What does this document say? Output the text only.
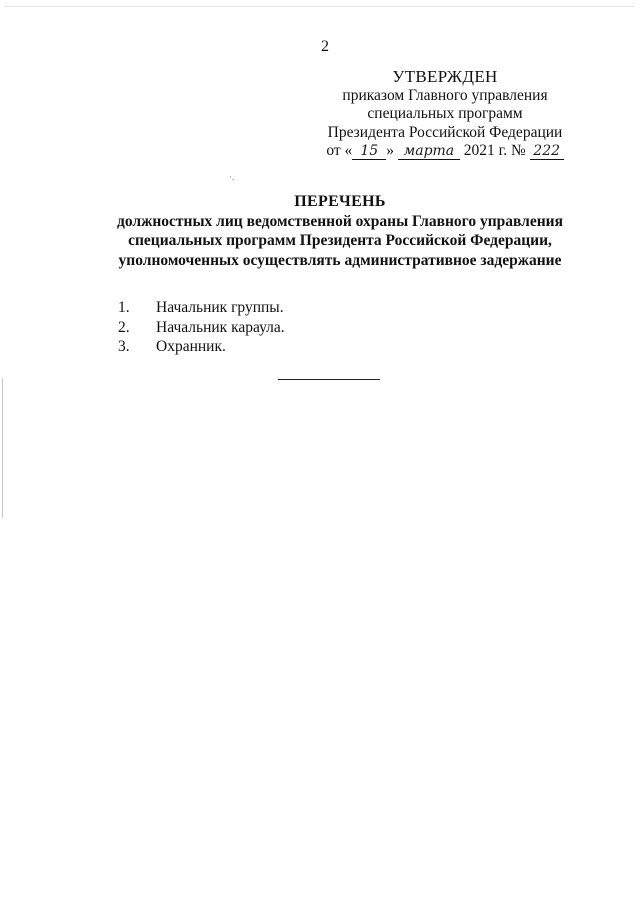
2
УТВЕРЖДЕН
приказом Главного управления
специальных программ
Президента Российской Федерации
от « 15 » марта 2021 г. № 222
·.
ПЕРЕЧЕНЬ
должностных лиц ведомственной охраны Главного управления
специальных программ Президента Российской Федерации,
уполномоченных осуществлять административное задержание
1.	Начальник группы.
2.	Начальник караула.
3.	Охранник.
